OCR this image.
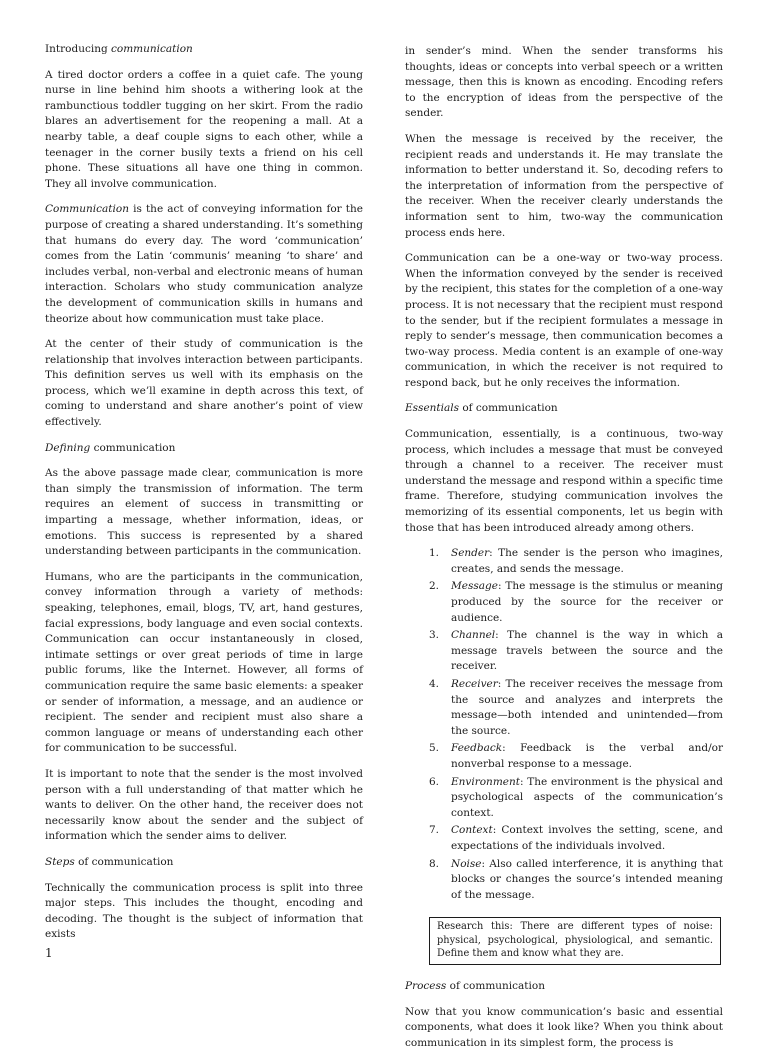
Introducing communication

A tired doctor orders a coffee in a quiet cafe. The young nurse in line behind him shoots a withering look at the rambunctious toddler tugging on her skirt. From the radio blares an advertisement for the reopening a mall. At a nearby table, a deaf couple signs to each other, while a teenager in the corner busily texts a friend on his cell phone. These situations all have one thing in common. They all involve communication.

Communication is the act of conveying information for the purpose of creating a shared understanding. It’s something that humans do every day. The word ‘communication’ comes from the Latin ‘communis’ meaning ‘to share’ and includes verbal, non-verbal and electronic means of human interaction. Scholars who study communication analyze the development of communication skills in humans and theorize about how communication must take place.

At the center of their study of communication is the relationship that involves interaction between participants. This definition serves us well with its emphasis on the process, which we’ll examine in depth across this text, of coming to understand and share another’s point of view effectively.

Defining communication

As the above passage made clear, communication is more than simply the transmission of information. The term requires an element of success in transmitting or imparting a message, whether information, ideas, or emotions. This success is represented by a shared understanding between participants in the communication.

Humans, who are the participants in the communication, convey information through a variety of methods: speaking, telephones, email, blogs, TV, art, hand gestures, facial expressions, body language and even social contexts. Communication can occur instantaneously in closed, intimate settings or over great periods of time in large public forums, like the Internet. However, all forms of communication require the same basic elements: a speaker or sender of information, a message, and an audience or recipient. The sender and recipient must also share a common language or means of understanding each other for communication to be successful.

It is important to note that the sender is the most involved person with a full understanding of that matter which he wants to deliver. On the other hand, the receiver does not necessarily know about the sender and the subject of information which the sender aims to deliver.

Steps of communication

Technically the communication process is split into three major steps. This includes the thought, encoding and decoding. The thought is the subject of information that exists

in sender’s mind. When the sender transforms his thoughts, ideas or concepts into verbal speech or a written message, then this is known as encoding. Encoding refers to the encryption of ideas from the perspective of the sender.

When the message is received by the receiver, the recipient reads and understands it. He may translate the information to better understand it. So, decoding refers to the interpretation of information from the perspective of the receiver. When the receiver clearly understands the information sent to him, two-way the communication process ends here.

Communication can be a one-way or two-way process. When the information conveyed by the sender is received by the recipient, this states for the completion of a one-way process. It is not necessary that the recipient must respond to the sender, but if the recipient formulates a message in reply to sender’s message, then communication becomes a two-way process. Media content is an example of one-way communication, in which the receiver is not required to respond back, but he only receives the information.

Essentials of communication

Communication, essentially, is a continuous, two-way process, which includes a message that must be conveyed through a channel to a receiver. The receiver must understand the message and respond within a specific time frame. Therefore, studying communication involves the memorizing of its essential components, let us begin with those that has been introduced already among others.

1. Sender: The sender is the person who imagines, creates, and sends the message.
2. Message: The message is the stimulus or meaning produced by the source for the receiver or audience.
3. Channel: The channel is the way in which a message travels between the source and the receiver.
4. Receiver: The receiver receives the message from the source and analyzes and interprets the message—both intended and unintended—from the source.
5. Feedback: Feedback is the verbal and/or nonverbal response to a message.
6. Environment: The environment is the physical and psychological aspects of the communication’s context.
7. Context: Context involves the setting, scene, and expectations of the individuals involved.
8. Noise: Also called interference, it is anything that blocks or changes the source’s intended meaning of the message.
Research this: There are different types of noise: physical, psychological, physiological, and semantic. Define them and know what they are.
Process of communication

Now that you know communication’s basic and essential components, what does it look like? When you think about communication in its simplest form, the process is

1
